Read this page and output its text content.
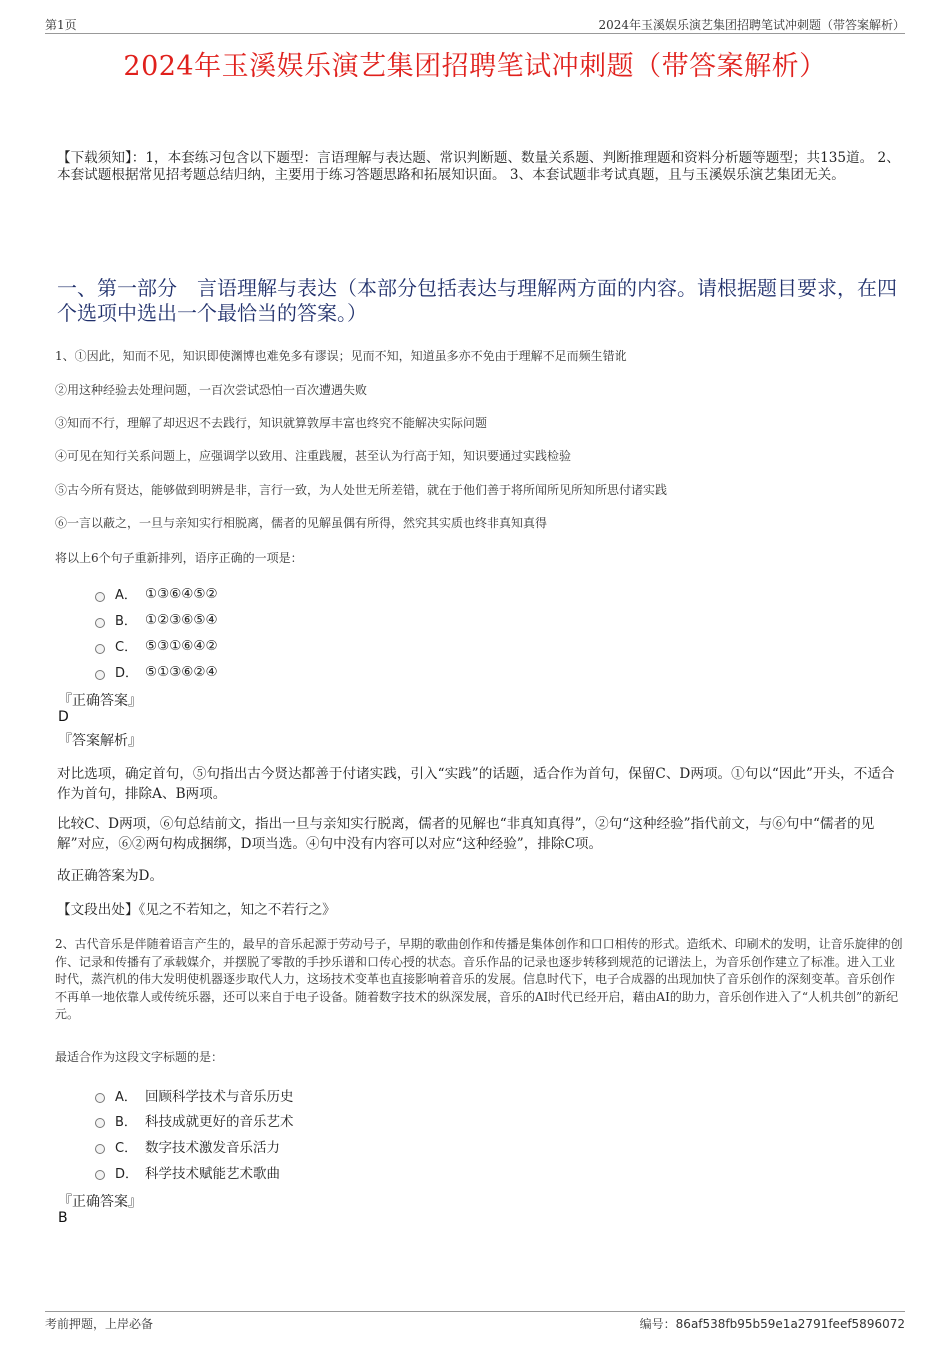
第1页	2024年玉溪娱乐演艺集团招聘笔试冲刺题（带答案解析）
2024年玉溪娱乐演艺集团招聘笔试冲刺题（带答案解析）
【下载须知】：1，本套练习包含以下题型：言语理解与表达题、常识判断题、数量关系题、判断推理题和资料分析题等题型；共135道。 2、本套试题根据常见招考题总结归纳，主要用于练习答题思路和拓展知识面。 3、本套试题非考试真题，且与玉溪娱乐演艺集团无关。
一、第一部分　言语理解与表达（本部分包括表达与理解两方面的内容。请根据题目要求，在四个选项中选出一个最恰当的答案。）
1、①因此，知而不见，知识即使渊博也难免多有谬误；见而不知，知道虽多亦不免由于理解不足而频生错讹
②用这种经验去处理问题，一百次尝试恐怕一百次遭遇失败
③知而不行，理解了却迟迟不去践行，知识就算敦厚丰富也终究不能解决实际问题
④可见在知行关系问题上，应强调学以致用、注重践履，甚至认为行高于知，知识要通过实践检验
⑤古今所有贤达，能够做到明辨是非，言行一致，为人处世无所差错，就在于他们善于将所闻所见所知所思付诸实践
⑥一言以蔽之，一旦与亲知实行相脱离，儒者的见解虽偶有所得，然究其实质也终非真知真得
将以上6个句子重新排列，语序正确的一项是：
A． ①③⑥④⑤②
B． ①②③⑥⑤④
C． ⑤③①⑥④②
D． ⑤①③⑥②④
『正确答案』
D
『答案解析』
对比选项，确定首句，⑤句指出古今贤达都善于付诸实践，引入“实践”的话题，适合作为首句，保留C、D两项。①句以“因此”开头，不适合作为首句，排除A、B两项。
比较C、D两项，⑥句总结前文，指出一旦与亲知实行脱离，儒者的见解也“非真知真得”，②句“这种经验”指代前文，与⑥句中“儒者的见解”对应，⑥②两句构成捆绑，D项当选。④句中没有内容可以对应“这种经验”，排除C项。
故正确答案为D。
【文段出处】《见之不若知之，知之不若行之》
2、古代音乐是伴随着语言产生的，最早的音乐起源于劳动号子，早期的歌曲创作和传播是集体创作和口口相传的形式。造纸术、印刷术的发明，让音乐旋律的创作、记录和传播有了承载媒介，并摆脱了零散的手抄乐谱和口传心授的状态。音乐作品的记录也逐步转移到规范的记谱法上，为音乐创作建立了标准。进入工业时代，蒸汽机的伟大发明使机器逐步取代人力，这场技术变革也直接影响着音乐的发展。信息时代下，电子合成器的出现加快了音乐创作的深刻变革。音乐创作不再单一地依靠人或传统乐器，还可以来自于电子设备。随着数字技术的纵深发展，音乐的AI时代已经开启，藉由AI的助力，音乐创作进入了“人机共创”的新纪元。
最适合作为这段文字标题的是：
A． 回顾科学技术与音乐历史
B． 科技成就更好的音乐艺术
C． 数字技术激发音乐活力
D． 科学技术赋能艺术歌曲
『正确答案』
B
考前押题，上岸必备	编号：86af538fb95b59e1a2791feef5896072
